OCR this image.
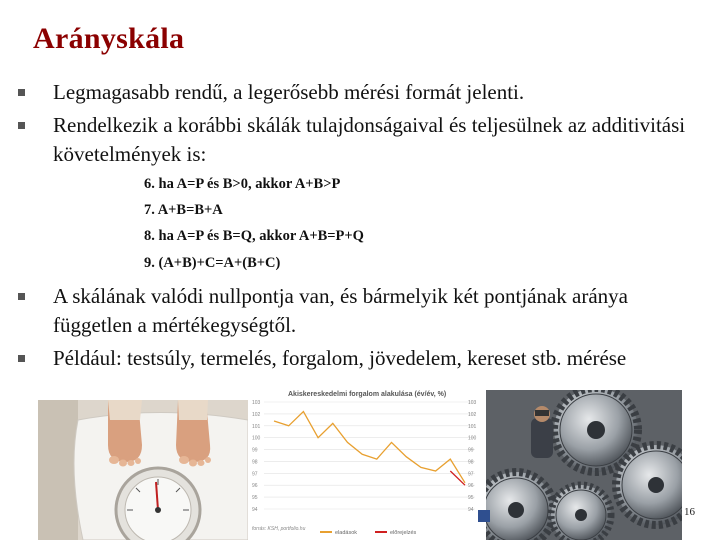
Arányskála
Legmagasabb rendű, a legerősebb mérési formát jelenti.
Rendelkezik a korábbi skálák tulajdonságaival és teljesülnek az additivitási követelmények is:
A skálának valódi nullpontja van, és bármelyik két pontjának aránya független a mértékegységtől.
Például: testsúly, termelés, forgalom, jövedelem, kereset stb. mérése
6. ha A=P és B>0, akkor A+B>P
7. A+B=B+A
8. ha A=P és B=Q, akkor A+B=P+Q
9. (A+B)+C=A+(B+C)
Akiskereskedelmi forgalom alakulása (év/év, %)
103	103
102	102
101	101
100	100
99	99
98	98
97	97
96	96
95	95
94	94
eladások	előrejelzés
forrás: KSH, portfolio.hu
16
